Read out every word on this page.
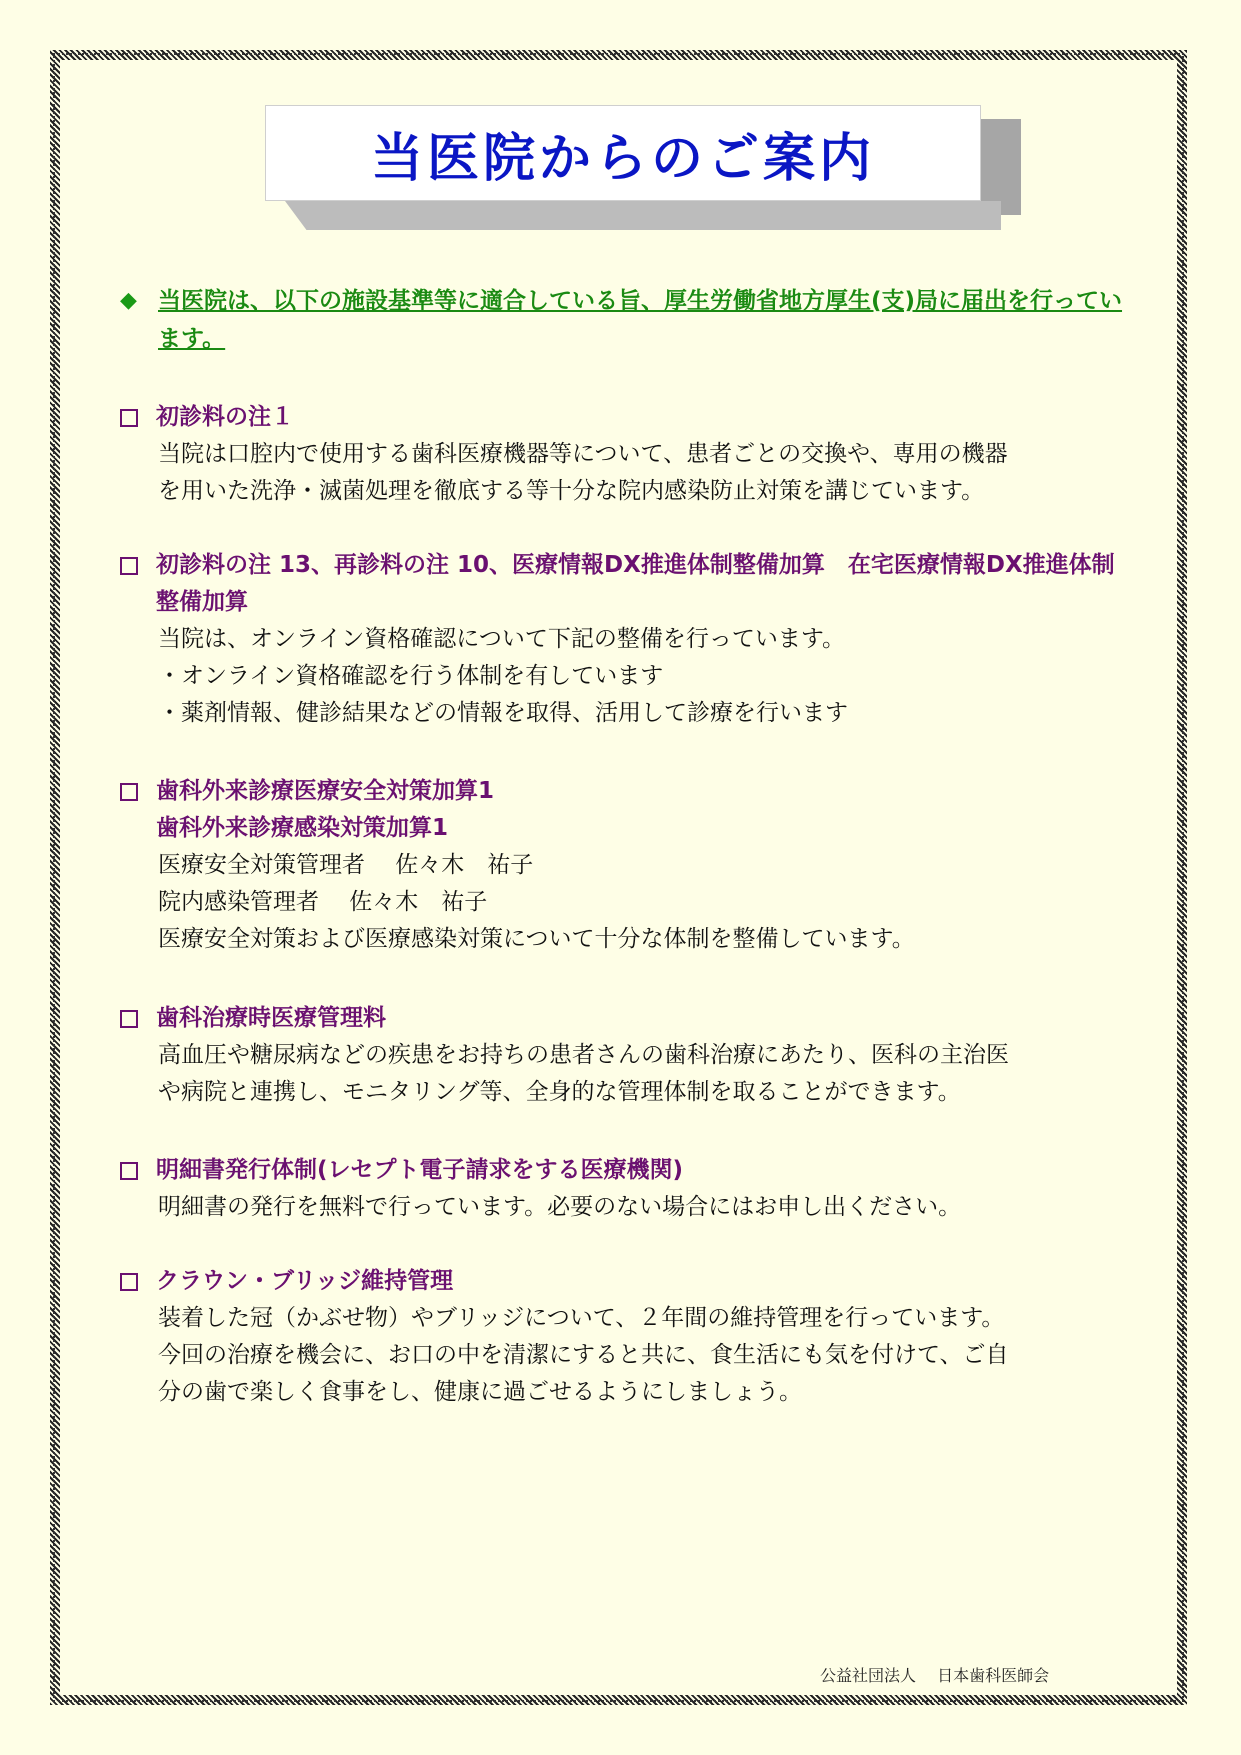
当医院からのご案内
◆ 当医院は、以下の施設基準等に適合している旨、厚生労働省地方厚生(支)局に届出を行っています。
初診料の注１
当院は口腔内で使用する歯科医療機器等について、患者ごとの交換や、専用の機器
を用いた洗浄・滅菌処理を徹底する等十分な院内感染防止対策を講じています。
初診料の注 13、再診料の注 10、医療情報DX推進体制整備加算　在宅医療情報DX推進体制整備加算
当院は、オンライン資格確認について下記の整備を行っています。
・オンライン資格確認を行う体制を有しています
・薬剤情報、健診結果などの情報を取得、活用して診療を行います
歯科外来診療医療安全対策加算1
歯科外来診療感染対策加算1
医療安全対策管理者　 佐々木　祐子
院内感染管理者　 佐々木　祐子
医療安全対策および医療感染対策について十分な体制を整備しています。
歯科治療時医療管理料
高血圧や糖尿病などの疾患をお持ちの患者さんの歯科治療にあたり、医科の主治医
や病院と連携し、モニタリング等、全身的な管理体制を取ることができます。
明細書発行体制(レセプト電子請求をする医療機関)
明細書の発行を無料で行っています。必要のない場合にはお申し出ください。
クラウン・ブリッジ維持管理
装着した冠（かぶせ物）やブリッジについて、２年間の維持管理を行っています。
今回の治療を機会に、お口の中を清潔にすると共に、食生活にも気を付けて、ご自
分の歯で楽しく食事をし、健康に過ごせるようにしましょう。
公益社団法人　 日本歯科医師会
